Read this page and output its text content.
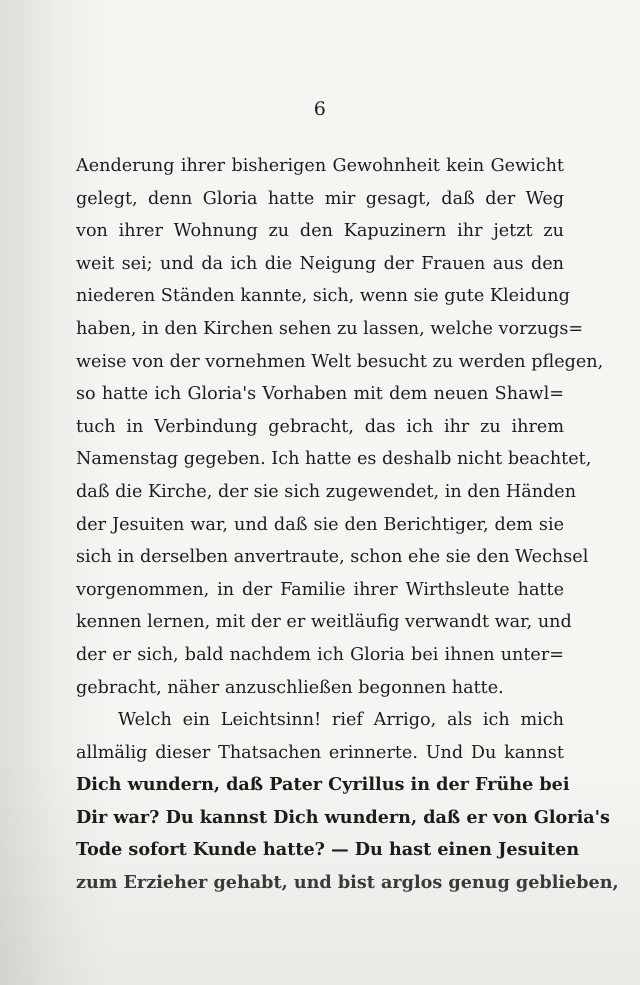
6
Aenderung ihrer bisherigen Gewohnheit kein Gewicht
gelegt, denn Gloria hatte mir gesagt, daß der Weg
von ihrer Wohnung zu den Kapuzinern ihr jetzt zu
weit sei; und da ich die Neigung der Frauen aus den
niederen Ständen kannte, sich, wenn sie gute Kleidung
haben, in den Kirchen sehen zu lassen, welche vorzugs=
weise von der vornehmen Welt besucht zu werden pflegen,
so hatte ich Gloria's Vorhaben mit dem neuen Shawl=
tuch in Verbindung gebracht, das ich ihr zu ihrem
Namenstag gegeben. Ich hatte es deshalb nicht beachtet,
daß die Kirche, der sie sich zugewendet, in den Händen
der Jesuiten war, und daß sie den Berichtiger, dem sie
sich in derselben anvertraute, schon ehe sie den Wechsel
vorgenommen, in der Familie ihrer Wirthsleute hatte
kennen lernen, mit der er weitläufig verwandt war, und
der er sich, bald nachdem ich Gloria bei ihnen unter=
gebracht, näher anzuschließen begonnen hatte.
Welch ein Leichtsinn! rief Arrigo, als ich mich
allmälig dieser Thatsachen erinnerte. Und Du kannst
Dich wundern, daß Pater Cyrillus in der Frühe bei
Dir war? Du kannst Dich wundern, daß er von Gloria's
Tode sofort Kunde hatte? — Du hast einen Jesuiten
zum Erzieher gehabt, und bist arglos genug geblieben,
